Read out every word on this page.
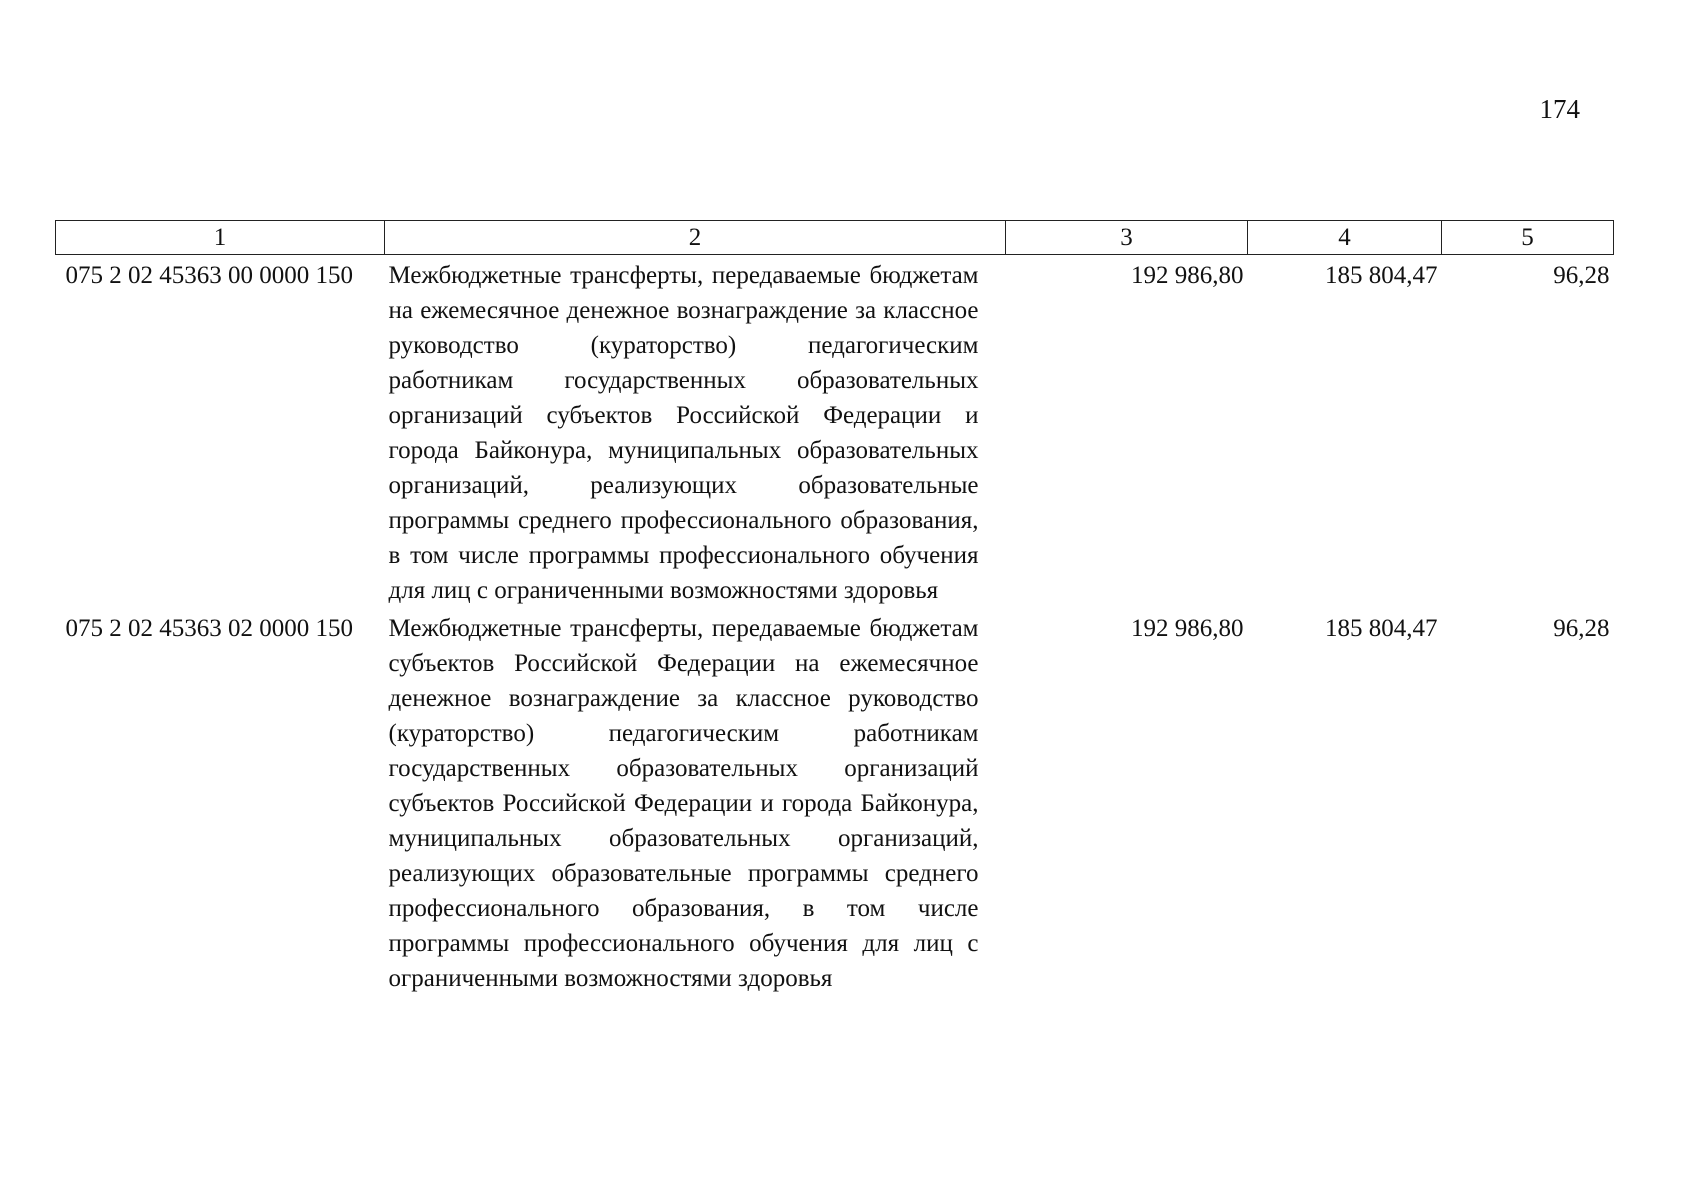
174
1	2	3	4	5
075 2 02 45363 00 0000 150	Межбюджетные трансферты, передаваемые бюджетам на ежемесячное денежное вознаграждение за классное руководство (кураторство) педагогическим работникам государственных образовательных организаций субъектов Российской Федерации и города Байконура, муниципальных образовательных организаций, реализующих образовательные программы среднего профессионального образования, в том числе программы профессионального обучения для лиц с ограниченными возможностями здоровья	192 986,80	185 804,47	96,28
075 2 02 45363 02 0000 150	Межбюджетные трансферты, передаваемые бюджетам субъектов Российской Федерации на ежемесячное денежное вознаграждение за классное руководство (кураторство) педагогическим работникам государственных образовательных организаций субъектов Российской Федерации и города Байконура, муниципальных образовательных организаций, реализующих образовательные программы среднего профессионального образования, в том числе программы профессионального обучения для лиц с ограниченными возможностями здоровья	192 986,80	185 804,47	96,28
